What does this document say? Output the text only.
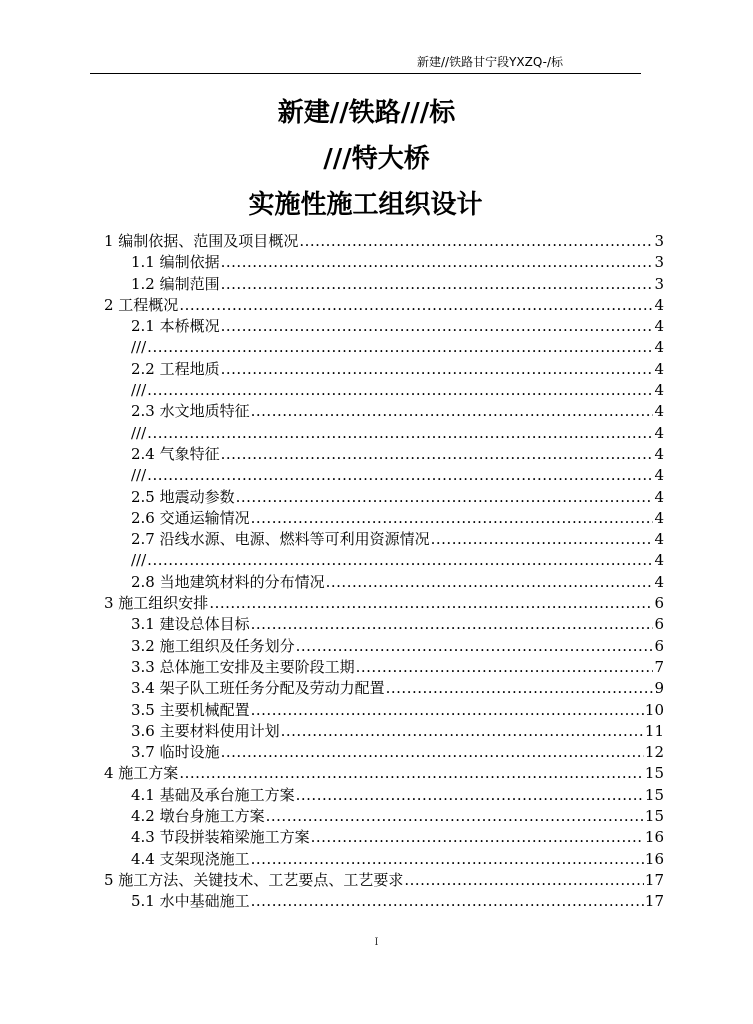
新建//铁路甘宁段YXZQ-/标
新建//铁路///标
///特大桥
实施性施工组织设计
1 编制依据、范围及项目概况 .....	3
1.1 编制依据 .....	3
1.2 编制范围 .....	3
2 工程概况 .....	4
2.1 本桥概况 .....	4
/// .....	4
2.2 工程地质 .....	4
/// .....	4
2.3 水文地质特征 .....	4
/// .....	4
2.4 气象特征 .....	4
/// .....	4
2.5 地震动参数 .....	4
2.6 交通运输情况 .....	4
2.7 沿线水源、电源、燃料等可利用资源情况 .....	4
/// .....	4
2.8 当地建筑材料的分布情况 .....	4
3 施工组织安排 .....	6
3.1 建设总体目标 .....	6
3.2 施工组织及任务划分 .....	6
3.3 总体施工安排及主要阶段工期 .....	7
3.4 架子队工班任务分配及劳动力配置 .....	9
3.5 主要机械配置 .....	10
3.6 主要材料使用计划 .....	11
3.7 临时设施 .....	12
4 施工方案 .....	15
4.1 基础及承台施工方案 .....	15
4.2 墩台身施工方案 .....	15
4.3 节段拼装箱梁施工方案 .....	16
4.4 支架现浇施工 .....	16
5 施工方法、关键技术、工艺要点、工艺要求 .....	17
5.1 水中基础施工 .....	17
I
